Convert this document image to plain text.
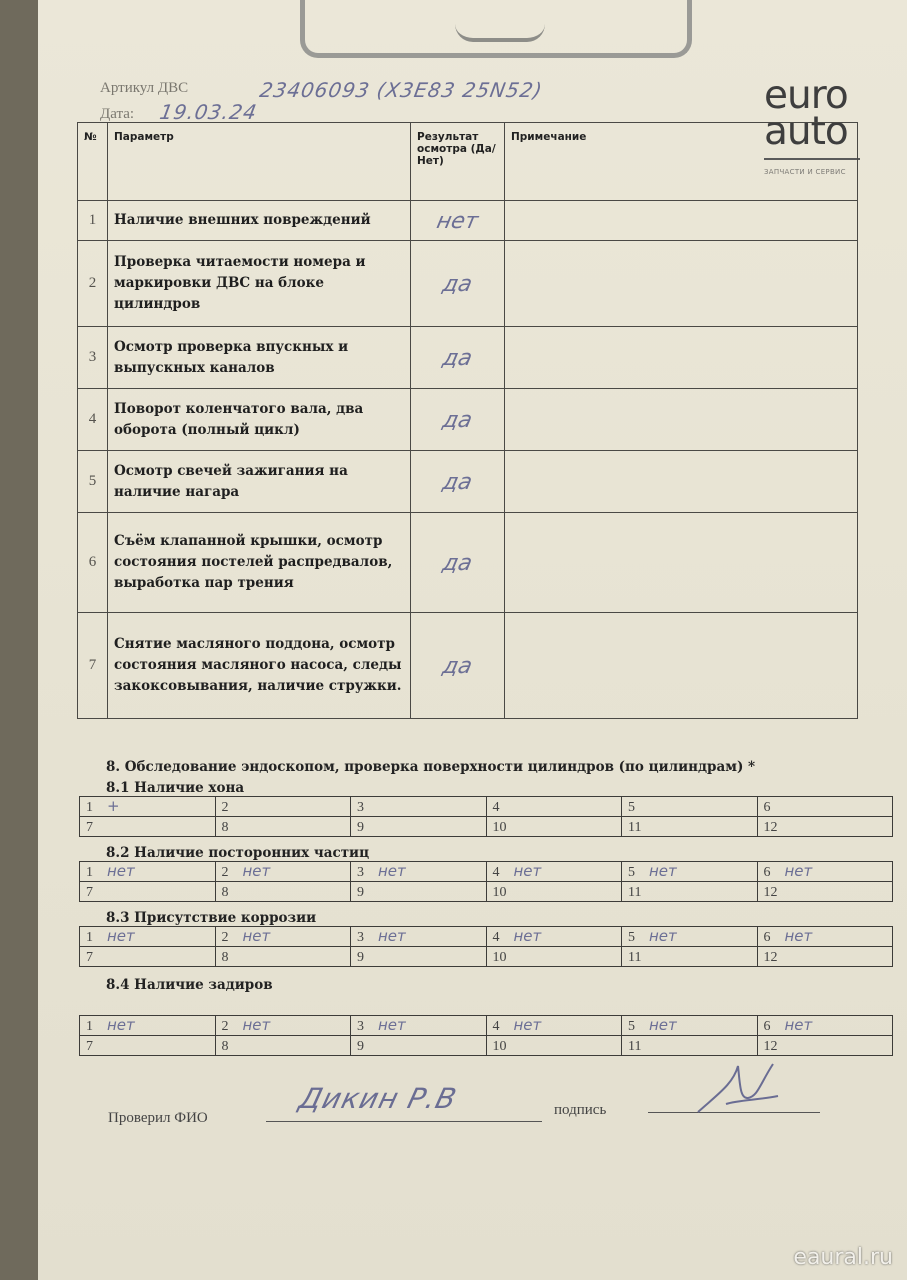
Артикул ДВС	23406093 (X3E83 25N52)
Дата: 19.03.24	euro
auto
ЗАПЧАСТИ И СЕРВИС
№	Параметр	Результат осмотра (Да/Нет)	Примечание
1	Наличие внешних повреждений	нет	
2	Проверка читаемости номера и маркировки ДВС на блоке цилиндров	да	
3	Осмотр проверка впускных и выпускных каналов	да	
4	Поворот коленчатого вала, два оборота (полный цикл)	да	
5	Осмотр свечей зажигания на наличие нагара	да	
6	Съём клапанной крышки, осмотр состояния постелей распредвалов, выработка пар трения	да	
7	Снятие масляного поддона, осмотр состояния масляного насоса, следы закоксовывания, наличие стружки.	да	
8. Обследование эндоскопом, проверка поверхности цилиндров (по цилиндрам) *
8.1 Наличие хона
1 +	2	3	4	5	6
7	8	9	10	11	12
8.2 Наличие посторонних частиц
1 нет	2 нет	3 нет	4 нет	5 нет	6 нет
7	8	9	10	11	12
8.3 Присутствие коррозии
1 нет	2 нет	3 нет	4 нет	5 нет	6 нет
7	8	9	10	11	12
8.4 Наличие задиров
1 нет	2 нет	3 нет	4 нет	5 нет	6 нет
7	8	9	10	11	12
Проверил ФИО
Дикин Р.В	подпись
eaural.ru
